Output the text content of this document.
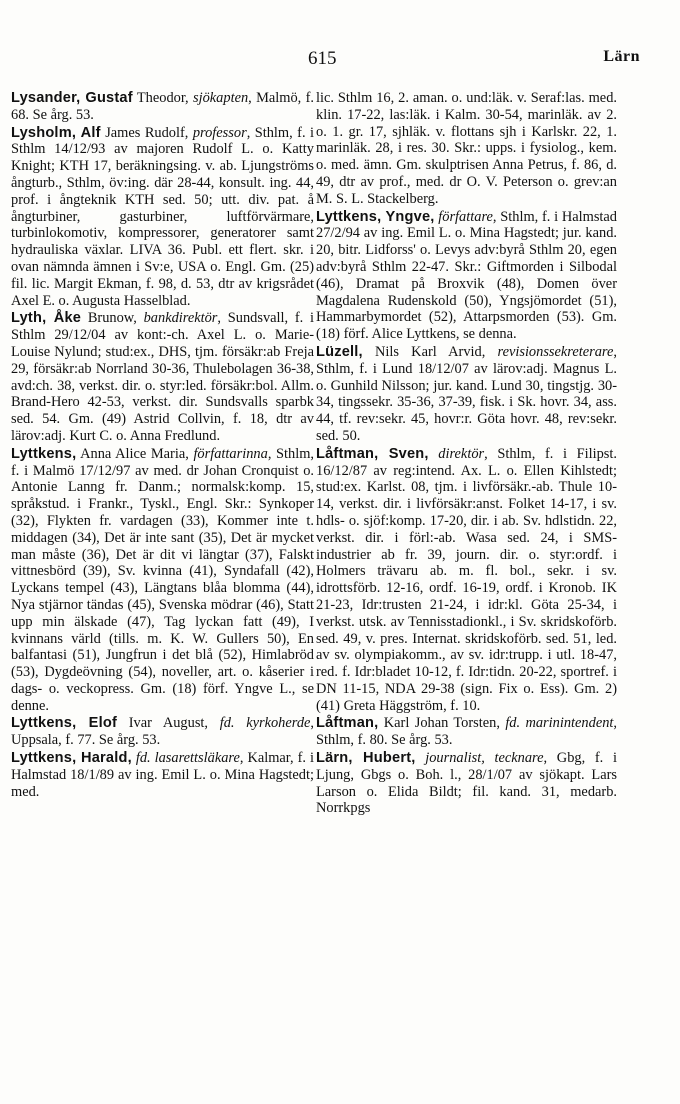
615	Lärn

Lysander, Gustaf Theodor, sjökapten, Malmö, f. 68. Se årg. 53.

Lysholm, Alf James Rudolf, professor, Sthlm, f. i Sthlm 14/12/93 av majoren Rudolf L. o. Katty Knight; KTH 17, beräkningsing. v. ab. Ljungströms ångturb., Sthlm, öv:ing. där 28-44, konsult. ing. 44, prof. i ångteknik KTH sed. 50; utt. div. pat. å ångturbiner, gasturbiner, luftförvärmare, turbinlokomotiv, kompressorer, generatorer samt hydrauliska växlar. LIVA 36. Publ. ett flert. skr. i ovan nämnda ämnen i Sv:e, USA o. Engl. Gm. (25) fil. lic. Margit Ekman, f. 98, d. 53, dtr av krigsrådet Axel E. o. Augusta Hasselblad.

Lyth, Åke Brunow, bankdirektör, Sundsvall, f. i Sthlm 29/12/04 av kont:-ch. Axel L. o. Marie-Louise Nylund; stud:ex., DHS, tjm. försäkr:ab Freja 29, försäkr:ab Norrland 30-36, Thulebolagen 36-38, avd:ch. 38, verkst. dir. o. styr:led. försäkr:bol. Allm. Brand-Hero 42-53, verkst. dir. Sundsvalls sparbk sed. 54. Gm. (49) Astrid Collvin, f. 18, dtr av lärov:adj. Kurt C. o. Anna Fredlund.

Lyttkens, Anna Alice Maria, författarinna, Sthlm, f. i Malmö 17/12/97 av med. dr Johan Cronquist o. Antonie Lanng fr. Danm.; normalsk:komp. 15, språkstud. i Frankr., Tyskl., Engl. Skr.: Synkoper (32), Flykten fr. vardagen (33), Kommer inte t. middagen (34), Det är inte sant (35), Det är mycket man måste (36), Det är dit vi längtar (37), Falskt vittnesbörd (39), Sv. kvinna (41), Syndafall (42), Lyckans tempel (43), Längtans blåa blomma (44), Nya stjärnor tändas (45), Svenska mödrar (46), Statt upp min älskade (47), Tag lyckan fatt (49), I kvinnans värld (tills. m. K. W. Gullers 50), En balfantasi (51), Jungfrun i det blå (52), Himlabröd (53), Dygdeövning (54), noveller, art. o. kåserier i dags- o. veckopress. Gm. (18) förf. Yngve L., se denne.

Lyttkens, Elof Ivar August, fd. kyrkoherde, Uppsala, f. 77. Se årg. 53.

Lyttkens, Harald, fd. lasarettsläkare, Kalmar, f. i Halmstad 18/1/89 av ing. Emil L. o. Mina Hagstedt; med.

lic. Sthlm 16, 2. aman. o. und:läk. v. Seraf:las. med. klin. 17-22, las:läk. i Kalm. 30-54, marinläk. av 2. o. 1. gr. 17, sjhläk. v. flottans sjh i Karlskr. 22, 1. marinläk. 28, i res. 30. Skr.: upps. i fysiolog., kem. o. med. ämn. Gm. skulptrisen Anna Petrus, f. 86, d. 49, dtr av prof., med. dr O. V. Peterson o. grev:an M. S. L. Stackelberg.

Lyttkens, Yngve, författare, Sthlm, f. i Halmstad 27/2/94 av ing. Emil L. o. Mina Hagstedt; jur. kand. 20, bitr. Lidforss' o. Levys adv:byrå Sthlm 20, egen adv:byrå Sthlm 22-47. Skr.: Giftmorden i Silbodal (46), Dramat på Broxvik (48), Domen över Magdalena Rudenskold (50), Yngsjömordet (51), Hammarbymordet (52), Attarpsmorden (53). Gm. (18) förf. Alice Lyttkens, se denna.

Lüzell, Nils Karl Arvid, revisionssekreterare, Sthlm, f. i Lund 18/12/07 av lärov:adj. Magnus L. o. Gunhild Nilsson; jur. kand. Lund 30, tingstjg. 30-34, tingssekr. 35-36, 37-39, fisk. i Sk. hovr. 34, ass. 44, tf. rev:sekr. 45, hovr:r. Göta hovr. 48, rev:sekr. sed. 50.

Låftman, Sven, direktör, Sthlm, f. i Filipst. 16/12/87 av reg:intend. Ax. L. o. Ellen Kihlstedt; stud:ex. Karlst. 08, tjm. i livförsäkr.-ab. Thule 10-14, verkst. dir. i livförsäkr:anst. Folket 14-17, i sv. hdls- o. sjöf:komp. 17-20, dir. i ab. Sv. hdlstidn. 22, verkst. dir. i förl:-ab. Wasa sed. 24, i SMS-industrier ab fr. 39, journ. dir. o. styr:ordf. i Holmers trävaru ab. m. fl. bol., sekr. i sv. idrottsförb. 12-16, ordf. 16-19, ordf. i Kronob. IK 21-23, Idr:trusten 21-24, i idr:kl. Göta 25-34, i verkst. utsk. av Tennisstadionkl., i Sv. skridskoförb. sed. 49, v. pres. Internat. skridskoförb. sed. 51, led. av sv. olympiakomm., av sv. idr:trupp. i utl. 18-47, red. f. Idr:bladet 10-12, f. Idr:tidn. 20-22, sportref. i DN 11-15, NDA 29-38 (sign. Fix o. Ess). Gm. 2) (41) Greta Häggström, f. 10.

Låftman, Karl Johan Torsten, fd. marinintendent, Sthlm, f. 80. Se årg. 53.

Lärn, Hubert, journalist, tecknare, Gbg, f. i Ljung, Gbgs o. Boh. l., 28/1/07 av sjökapt. Lars Larson o. Elida Bildt; fil. kand. 31, medarb. Norrkpgs
